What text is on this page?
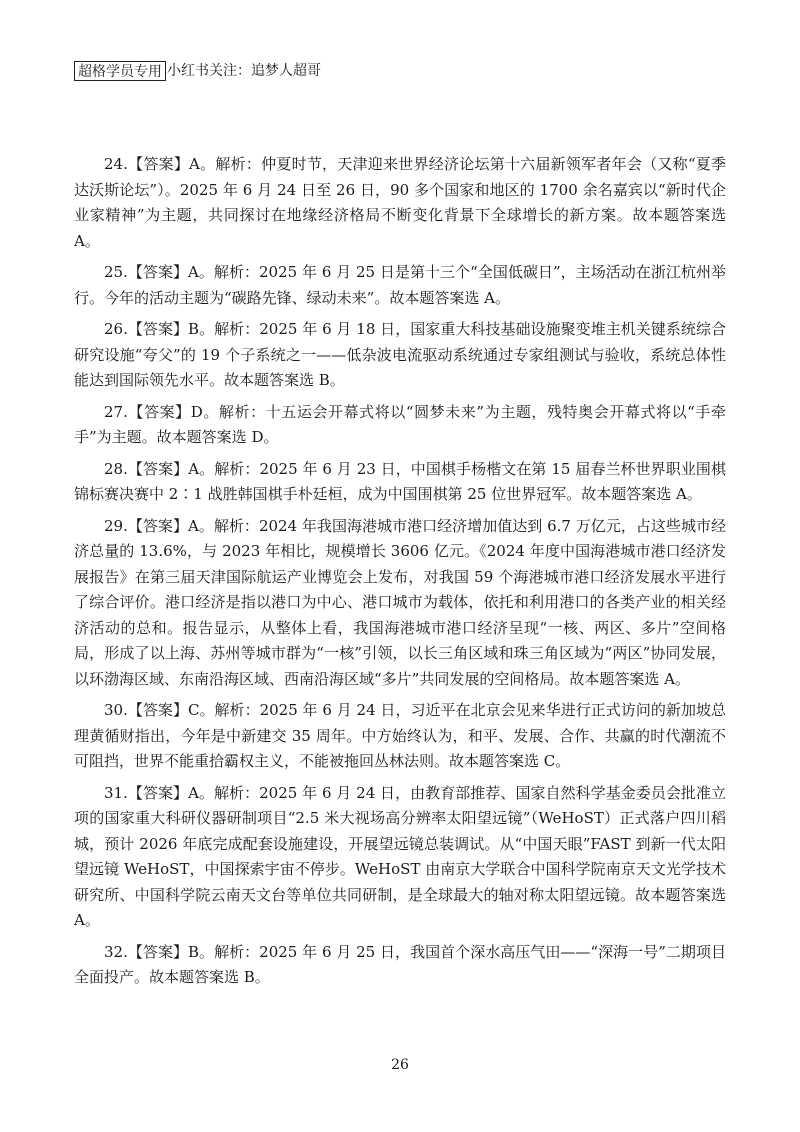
超格学员专用 小红书关注：追梦人超哥

24.【答案】A。解析：仲夏时节，天津迎来世界经济论坛第十六届新领军者年会（又称“夏季达沃斯论坛”）。2025 年 6 月 24 日至 26 日，90 多个国家和地区的 1700 余名嘉宾以“新时代企业家精神”为主题，共同探讨在地缘经济格局不断变化背景下全球增长的新方案。故本题答案选 A。

25.【答案】A。解析：2025 年 6 月 25 日是第十三个“全国低碳日”，主场活动在浙江杭州举行。今年的活动主题为“碳路先锋、绿动未来”。故本题答案选 A。

26.【答案】B。解析：2025 年 6 月 18 日，国家重大科技基础设施聚变堆主机关键系统综合研究设施“夸父”的 19 个子系统之一——低杂波电流驱动系统通过专家组测试与验收，系统总体性能达到国际领先水平。故本题答案选 B。

27.【答案】D。解析：十五运会开幕式将以“圆梦未来”为主题，残特奥会开幕式将以“手牵手”为主题。故本题答案选 D。

28.【答案】A。解析：2025 年 6 月 23 日，中国棋手杨楷文在第 15 届春兰杯世界职业围棋锦标赛决赛中 2∶1 战胜韩国棋手朴廷桓，成为中国围棋第 25 位世界冠军。故本题答案选 A。

29.【答案】A。解析：2024 年我国海港城市港口经济增加值达到 6.7 万亿元，占这些城市经济总量的 13.6%，与 2023 年相比，规模增长 3606 亿元。《2024 年度中国海港城市港口经济发展报告》在第三届天津国际航运产业博览会上发布，对我国 59 个海港城市港口经济发展水平进行了综合评价。港口经济是指以港口为中心、港口城市为载体，依托和利用港口的各类产业的相关经济活动的总和。报告显示，从整体上看，我国海港城市港口经济呈现“一核、两区、多片”空间格局，形成了以上海、苏州等城市群为“一核”引领，以长三角区域和珠三角区域为“两区”协同发展，以环渤海区域、东南沿海区域、西南沿海区域“多片”共同发展的空间格局。故本题答案选 A。

30.【答案】C。解析：2025 年 6 月 24 日，习近平在北京会见来华进行正式访问的新加坡总理黄循财指出，今年是中新建交 35 周年。中方始终认为，和平、发展、合作、共赢的时代潮流不可阻挡，世界不能重拾霸权主义，不能被拖回丛林法则。故本题答案选 C。

31.【答案】A。解析：2025 年 6 月 24 日，由教育部推荐、国家自然科学基金委员会批准立项的国家重大科研仪器研制项目“2.5 米大视场高分辨率太阳望远镜”（WeHoST）正式落户四川稻城，预计 2026 年底完成配套设施建设，开展望远镜总装调试。从“中国天眼”FAST 到新一代太阳望远镜 WeHoST，中国探索宇宙不停步。WeHoST 由南京大学联合中国科学院南京天文光学技术研究所、中国科学院云南天文台等单位共同研制，是全球最大的轴对称太阳望远镜。故本题答案选 A。

32.【答案】B。解析：2025 年 6 月 25 日，我国首个深水高压气田——“深海一号”二期项目全面投产。故本题答案选 B。

26
